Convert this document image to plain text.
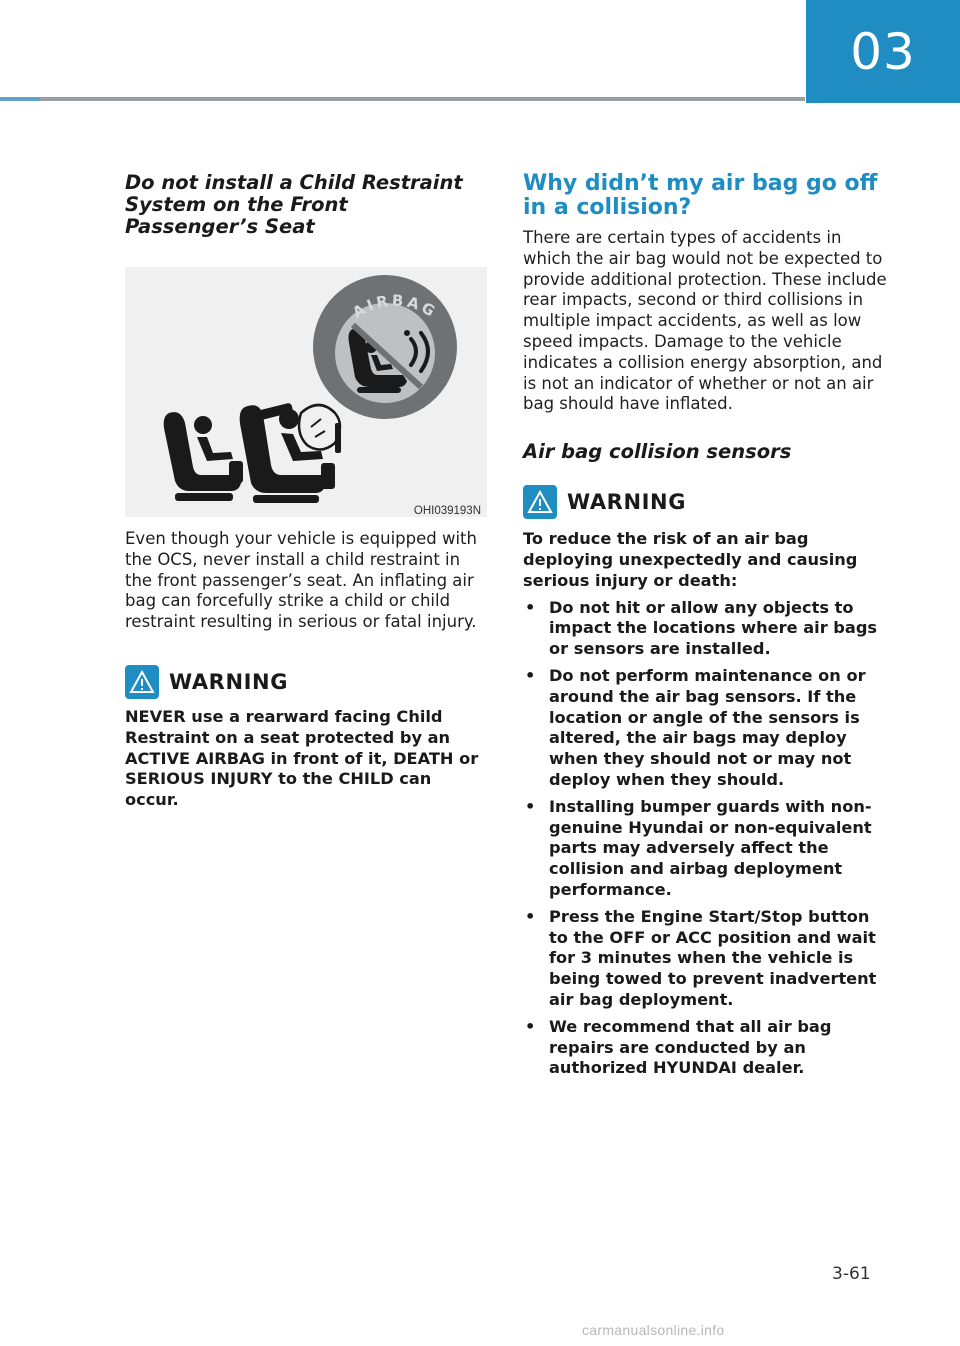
03
Do not install a Child Restraint System on the Front Passenger’s Seat
AIRBAG
OHI039193N

Even though your vehicle is equipped with the OCS, never install a child restraint in the front passenger’s seat. An inflating air bag can forcefully strike a child or child restraint resulting in serious or fatal injury.

WARNING

NEVER use a rearward facing Child Restraint on a seat protected by an ACTIVE AIRBAG in front of it, DEATH or SERIOUS INJURY to the CHILD can occur.

Why didn’t my air bag go off in a collision?

There are certain types of accidents in which the air bag would not be expected to provide additional protection. These include rear impacts, second or third collisions in multiple impact accidents, as well as low speed impacts. Damage to the vehicle indicates a collision energy absorption, and is not an indicator of whether or not an air bag should have inflated.

Air bag collision sensors
WARNING

To reduce the risk of an air bag deploying unexpectedly and causing serious injury or death:

• Do not hit or allow any objects to impact the locations where air bags or sensors are installed.
• Do not perform maintenance on or around the air bag sensors. If the location or angle of the sensors is altered, the air bags may deploy when they should not or may not deploy when they should.
• Installing bumper guards with non-genuine Hyundai or non-equivalent parts may adversely affect the collision and airbag deployment performance.
• Press the Engine Start/Stop button to the OFF or ACC position and wait for 3 minutes when the vehicle is being towed to prevent inadvertent air bag deployment.
• We recommend that all air bag repairs are conducted by an authorized HYUNDAI dealer.
3-61
carmanualsonline.info
